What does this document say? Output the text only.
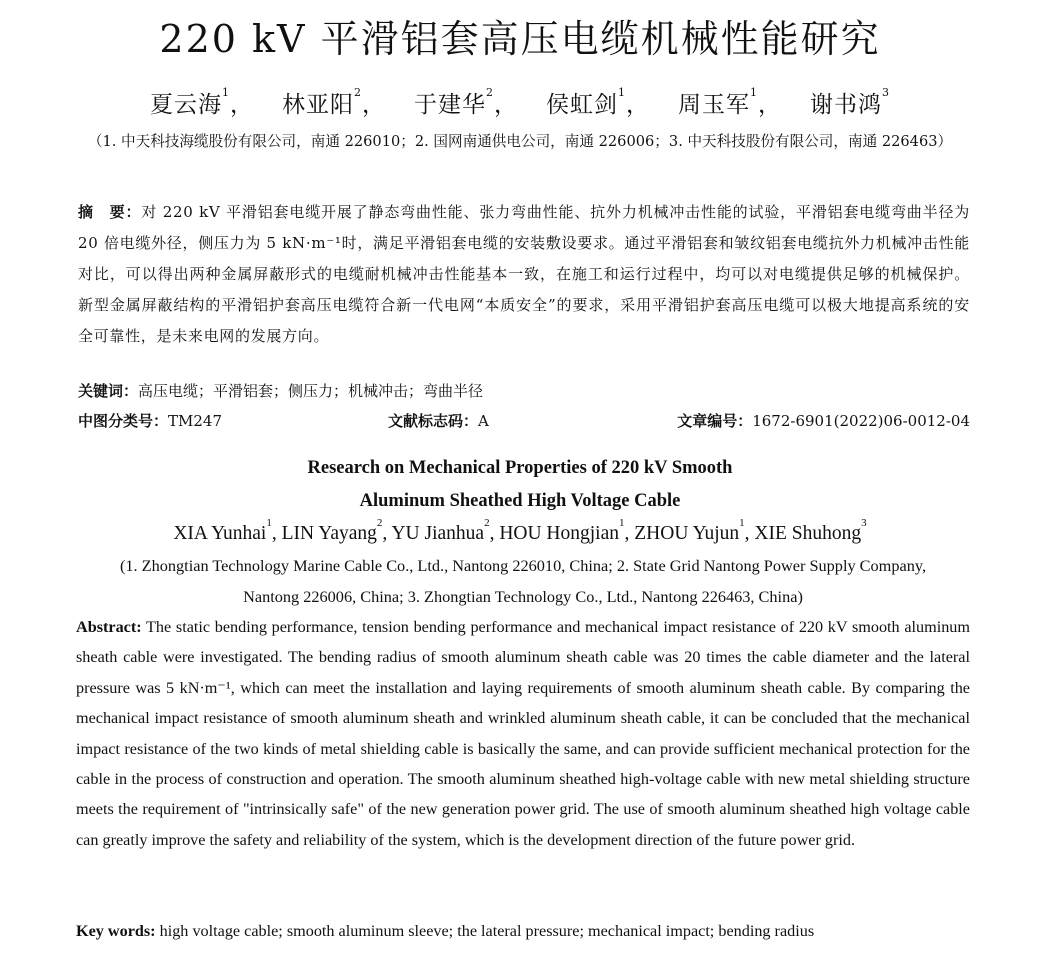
220 kV 平滑铝套高压电缆机械性能研究
夏云海$^1$， 林亚阳$^2$， 于建华$^2$， 侯虹剑$^1$， 周玉军$^1$， 谢书鸿$^3$
（1. 中天科技海缆股份有限公司，南通 226010；2. 国网南通供电公司，南通 226006；3. 中天科技股份有限公司，南通 226463）
摘　要：对 220 kV 平滑铝套电缆开展了静态弯曲性能、张力弯曲性能、抗外力机械冲击性能的试验，平滑铝套电缆弯曲半径为 20 倍电缆外径，侧压力为 5 kN·m⁻¹时，满足平滑铝套电缆的安装敷设要求。通过平滑铝套和皱纹铝套电缆抗外力机械冲击性能对比，可以得出两种金属屏蔽形式的电缆耐机械冲击性能基本一致，在施工和运行过程中，均可以对电缆提供足够的机械保护。新型金属屏蔽结构的平滑铝护套高压电缆符合新一代电网“本质安全”的要求，采用平滑铝护套高压电缆可以极大地提高系统的安全可靠性，是未来电网的发展方向。
关键词：高压电缆；平滑铝套；侧压力；机械冲击；弯曲半径
中图分类号：TM247	文献标志码：A	文章编号：1672-6901(2022)06-0012-04
Research on Mechanical Properties of 220 kV Smooth
Aluminum Sheathed High Voltage Cable
XIA Yunhai$^1$, LIN Yayang$^2$, YU Jianhua$^2$, HOU Hongjian$^1$, ZHOU Yujun$^1$, XIE Shuhong$^3$
(1. Zhongtian Technology Marine Cable Co., Ltd., Nantong 226010, China; 2. State Grid Nantong Power Supply Company, Nantong 226006, China; 3. Zhongtian Technology Co., Ltd., Nantong 226463, China)
Abstract: The static bending performance, tension bending performance and mechanical impact resistance of 220 kV smooth aluminum sheath cable were investigated. The bending radius of smooth aluminum sheath cable was 20 times the cable diameter and the lateral pressure was 5 kN·m⁻¹, which can meet the installation and laying requirements of smooth aluminum sheath cable. By comparing the mechanical impact resistance of smooth aluminum sheath and wrinkled aluminum sheath cable, it can be concluded that the mechanical impact resistance of the two kinds of metal shielding cable is basically the same, and can provide sufficient mechanical protection for the cable in the process of construction and operation. The smooth aluminum sheathed high-voltage cable with new metal shielding structure meets the requirement of "intrinsically safe" of the new generation power grid. The use of smooth aluminum sheathed high voltage cable can greatly improve the safety and reliability of the system, which is the development direction of the future power grid.
Key words: high voltage cable; smooth aluminum sleeve; the lateral pressure; mechanical impact; bending radius
